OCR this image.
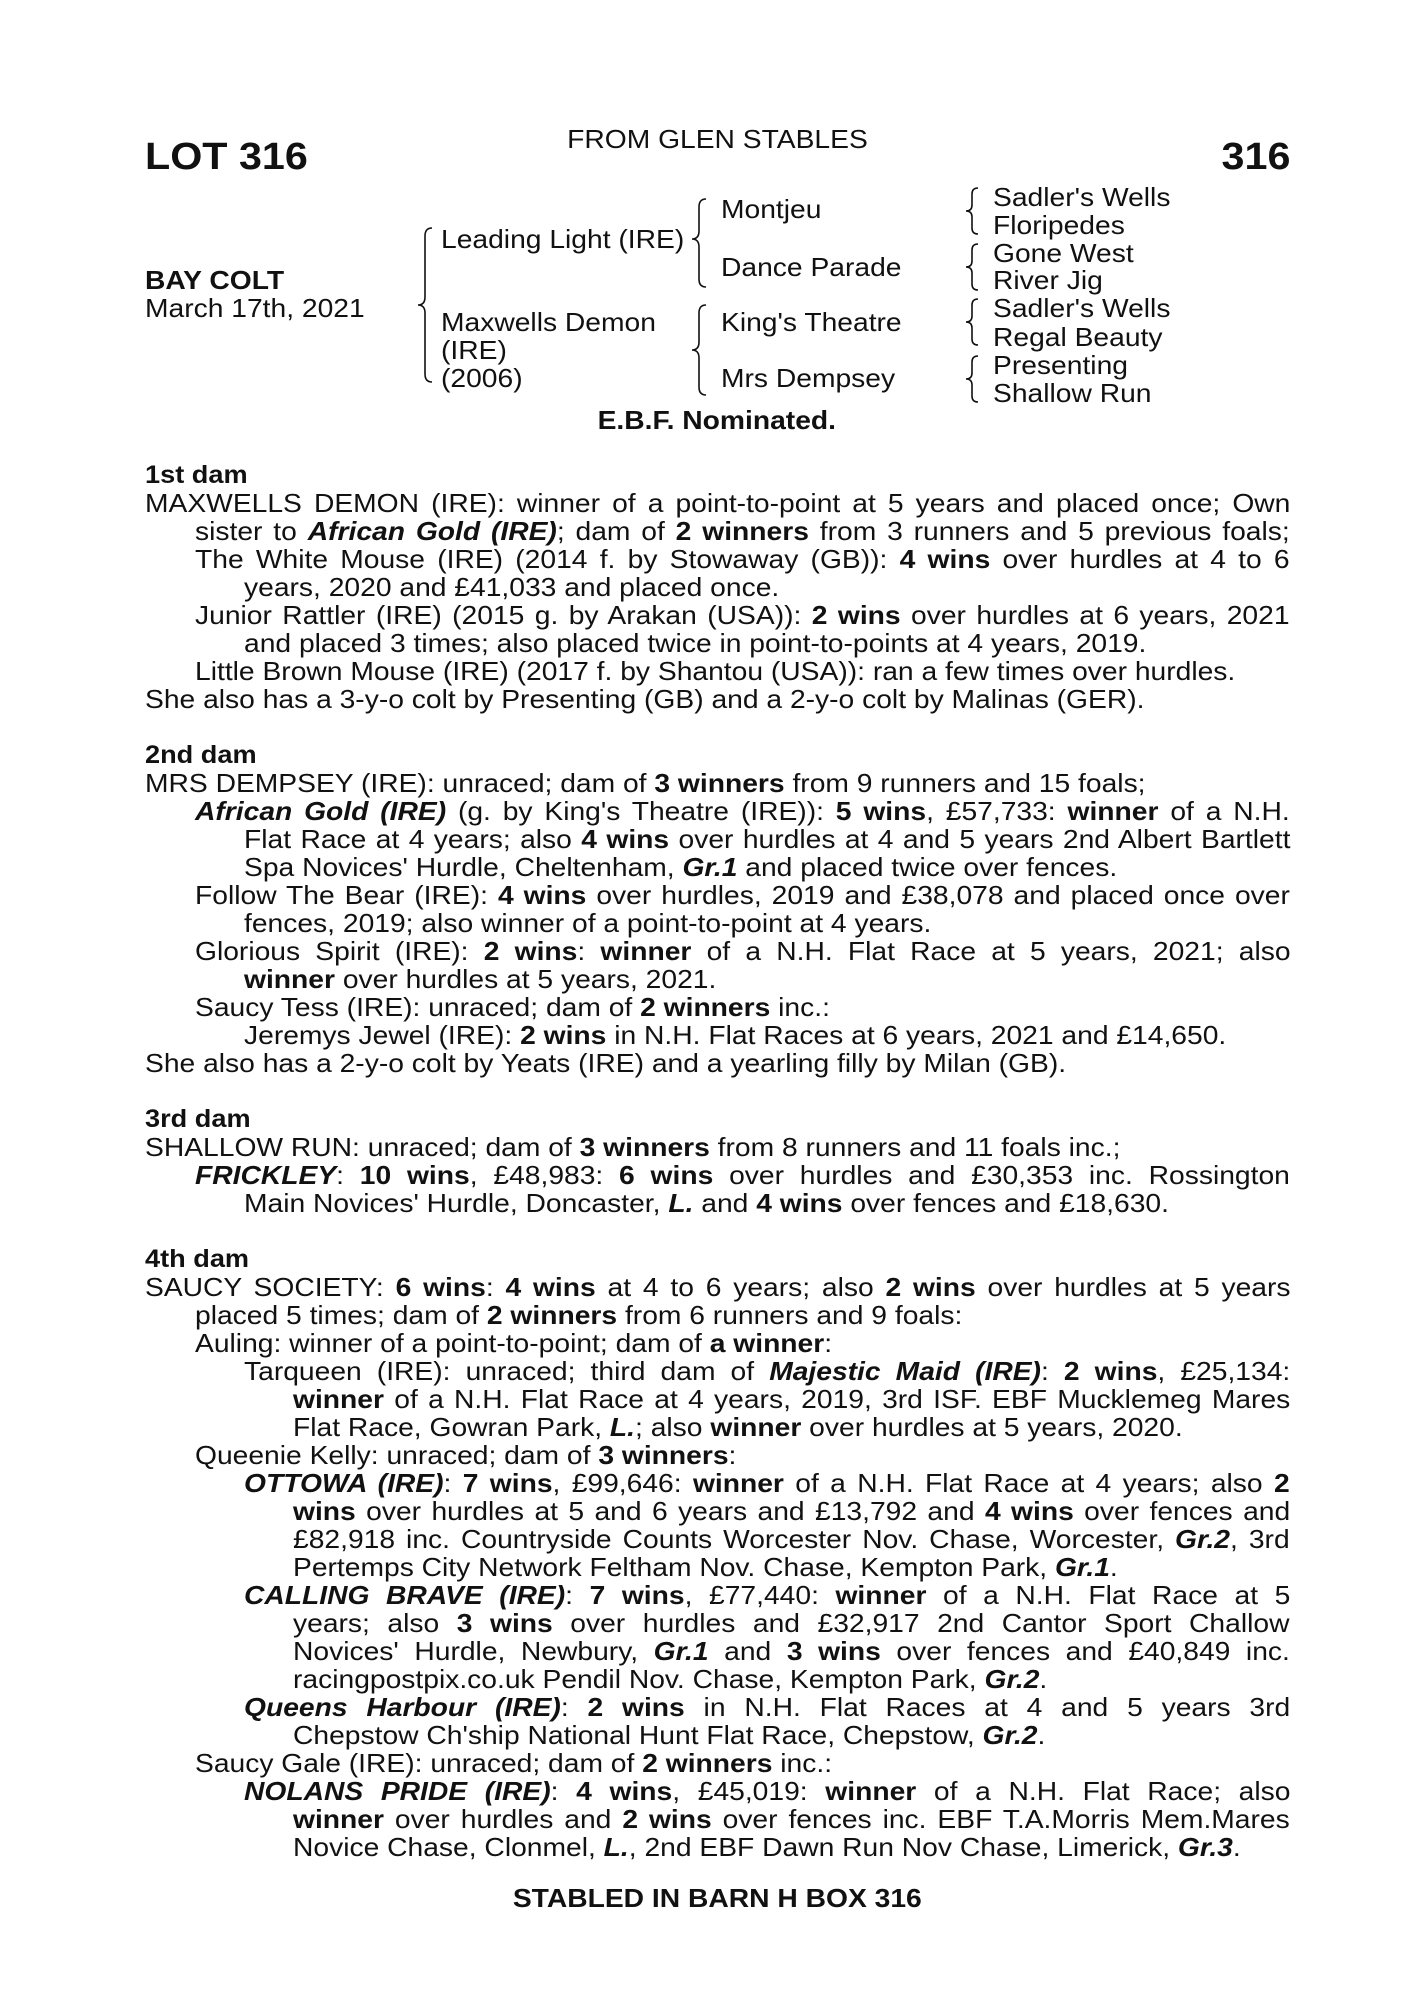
LOT 316	FROM GLEN STABLES	316
BAY COLT
March 17th, 2021
Leading Light (IRE)
Maxwells Demon
(IRE)
(2006)
Montjeu
Dance Parade
King's Theatre
Mrs Dempsey
Sadler's Wells
Floripedes
Gone West
River Jig
Sadler's Wells
Regal Beauty
Presenting
Shallow Run
E.B.F. Nominated.
1st dam
MAXWELLS DEMON (IRE): winner of a point-to-point at 5 years and placed once; Own
sister to African Gold (IRE); dam of 2 winners from 3 runners and 5 previous foals;
The White Mouse (IRE) (2014 f. by Stowaway (GB)): 4 wins over hurdles at 4 to 6
years, 2020 and £41,033 and placed once.
Junior Rattler (IRE) (2015 g. by Arakan (USA)): 2 wins over hurdles at 6 years, 2021
and placed 3 times; also placed twice in point-to-points at 4 years, 2019.
Little Brown Mouse (IRE) (2017 f. by Shantou (USA)): ran a few times over hurdles.
She also has a 3-y-o colt by Presenting (GB) and a 2-y-o colt by Malinas (GER).
2nd dam
MRS DEMPSEY (IRE): unraced; dam of 3 winners from 9 runners and 15 foals;
African Gold (IRE) (g. by King's Theatre (IRE)): 5 wins, £57,733: winner of a N.H.
Flat Race at 4 years; also 4 wins over hurdles at 4 and 5 years 2nd Albert Bartlett
Spa Novices' Hurdle, Cheltenham, Gr.1 and placed twice over fences.
Follow The Bear (IRE): 4 wins over hurdles, 2019 and £38,078 and placed once over
fences, 2019; also winner of a point-to-point at 4 years.
Glorious Spirit (IRE): 2 wins: winner of a N.H. Flat Race at 5 years, 2021; also
winner over hurdles at 5 years, 2021.
Saucy Tess (IRE): unraced; dam of 2 winners inc.:
Jeremys Jewel (IRE): 2 wins in N.H. Flat Races at 6 years, 2021 and £14,650.
She also has a 2-y-o colt by Yeats (IRE) and a yearling filly by Milan (GB).
3rd dam
SHALLOW RUN: unraced; dam of 3 winners from 8 runners and 11 foals inc.;
FRICKLEY: 10 wins, £48,983: 6 wins over hurdles and £30,353 inc. Rossington
Main Novices' Hurdle, Doncaster, L. and 4 wins over fences and £18,630.
4th dam
SAUCY SOCIETY: 6 wins: 4 wins at 4 to 6 years; also 2 wins over hurdles at 5 years
placed 5 times; dam of 2 winners from 6 runners and 9 foals:
Auling: winner of a point-to-point; dam of a winner:
Tarqueen (IRE): unraced; third dam of Majestic Maid (IRE): 2 wins, £25,134:
winner of a N.H. Flat Race at 4 years, 2019, 3rd ISF. EBF Mucklemeg Mares
Flat Race, Gowran Park, L.; also winner over hurdles at 5 years, 2020.
Queenie Kelly: unraced; dam of 3 winners:
OTTOWA (IRE): 7 wins, £99,646: winner of a N.H. Flat Race at 4 years; also 2
wins over hurdles at 5 and 6 years and £13,792 and 4 wins over fences and
£82,918 inc. Countryside Counts Worcester Nov. Chase, Worcester, Gr.2, 3rd
Pertemps City Network Feltham Nov. Chase, Kempton Park, Gr.1.
CALLING BRAVE (IRE): 7 wins, £77,440: winner of a N.H. Flat Race at 5
years; also 3 wins over hurdles and £32,917 2nd Cantor Sport Challow
Novices' Hurdle, Newbury, Gr.1 and 3 wins over fences and £40,849 inc.
racingpostpix.co.uk Pendil Nov. Chase, Kempton Park, Gr.2.
Queens Harbour (IRE): 2 wins in N.H. Flat Races at 4 and 5 years 3rd
Chepstow Ch'ship National Hunt Flat Race, Chepstow, Gr.2.
Saucy Gale (IRE): unraced; dam of 2 winners inc.:
NOLANS PRIDE (IRE): 4 wins, £45,019: winner of a N.H. Flat Race; also
winner over hurdles and 2 wins over fences inc. EBF T.A.Morris Mem.Mares
Novice Chase, Clonmel, L., 2nd EBF Dawn Run Nov Chase, Limerick, Gr.3.
STABLED IN BARN H BOX 316
